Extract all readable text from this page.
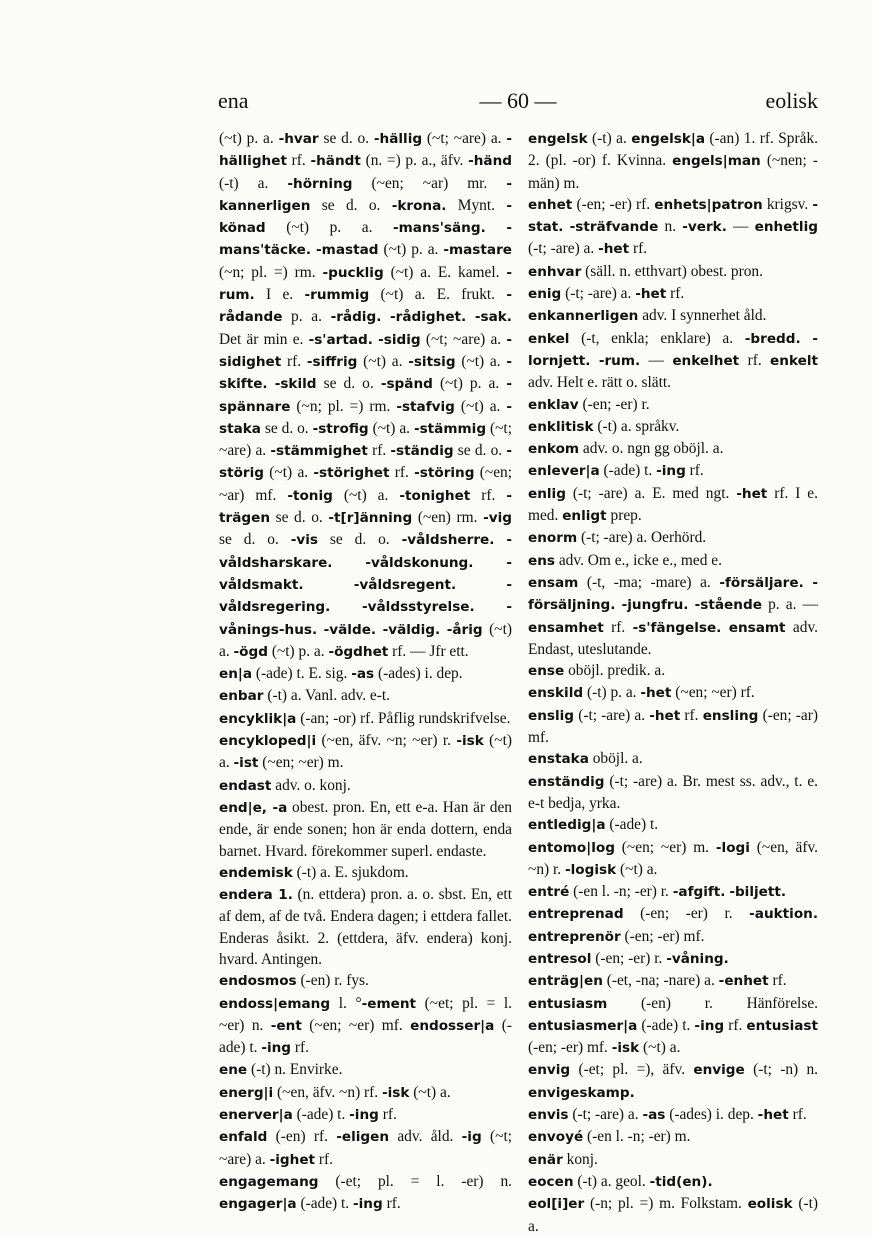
ena	— 60 —	eolisk

(~t) p. a. -hvar se d. o. -hällig (~t; ~are) a. -hällighet rf. -händt (n. =) p. a., äfv. -händ (-t) a. -hörning (~en; ~ar) mr. -kannerligen se d. o. -krona. Mynt. -könad (~t) p. a. -mans'säng. -mans'täcke. -mastad (~t) p. a. -mastare (~n; pl. =) rm. -pucklig (~t) a. E. kamel. -rum. I e. -rummig (~t) a. E. frukt. -rådande p. a. -rådig. -rådighet. -sak. Det är min e. -s'artad. -sidig (~t; ~are) a. -sidighet rf. -siffrig (~t) a. -sitsig (~t) a. -skifte. -skild se d. o. -spänd (~t) p. a. -spännare (~n; pl. =) rm. -stafvig (~t) a. -staka se d. o. -strofig (~t) a. -stämmig (~t; ~are) a. -stämmighet rf. -ständig se d. o. -störig (~t) a. -störighet rf. -störing (~en; ~ar) mf. -tonig (~t) a. -tonighet rf. -trägen se d. o. -t[r]änning (~en) rm. -vig se d. o. -vis se d. o. -våldsherre. -våldsharskare. -våldskonung. -våldsmakt.	-våldsregent.	-våldsregering. -våldsstyrelse. -vånings-hus. -välde. -väldig. -årig (~t) a. -ögd (~t) p. a. -ögdhet rf. — Jfr ett.

en|a (-ade) t. E. sig. -as (-ades) i. dep.

enbar (-t) a. Vanl. adv. e-t.

encyklik|a (-an; -or) rf. Påflig rundskrifvelse.

encykloped|i (~en, äfv. ~n; ~er) r. -isk (~t) a. -ist (~en; ~er) m.

endast adv. o. konj.

end|e, -a obest. pron. En, ett e-a. Han är den ende, är ende sonen; hon är enda dottern, enda barnet. Hvard. förekommer superl. endaste.

endemisk (-t) a. E. sjukdom.

endera 1. (n. ettdera) pron. a. o. sbst. En, ett af dem, af de två. Endera dagen; i ettdera fallet. Enderas åsikt. 2. (ettdera, äfv. endera) konj. hvard. Antingen.

endosmos (-en) r. fys.

endoss|emang l. °-ement (~et; pl. = l. ~er) n. -ent (~en; ~er) mf. endosser|a (-ade) t. -ing rf.

ene (-t) n. Envirke.

energ|i (~en, äfv. ~n) rf. -isk (~t) a.

enerver|a (-ade) t. -ing rf.

enfald (-en) rf. -eligen adv. åld. -ig (~t; ~are) a. -ighet rf.

engagemang (-et; pl. = l. -er) n. engager|a (-ade) t. -ing rf.

engelsk (-t) a. engelsk|a (-an) 1. rf. Språk. 2. (pl. -or) f. Kvinna. engels|man (~nen; -män) m.

enhet (-en; -er) rf. enhets|patron krigsv. -stat. -sträfvande n. -verk. — enhetlig (-t; -are) a. -het rf.

enhvar (säll. n. etthvart) obest. pron.

enig (-t; -are) a. -het rf.

enkannerligen adv. I synnerhet åld.

enkel (-t, enkla; enklare) a. -bredd. -lornjett. -rum. — enkelhet rf. enkelt adv. Helt e. rätt o. slätt.

enklav (-en; -er) r.

enklitisk (-t) a. språkv.

enkom adv. o. ngn gg oböjl. a.

enlever|a (-ade) t. -ing rf.

enlig (-t; -are) a. E. med ngt. -het rf. I e. med. enligt prep.

enorm (-t; -are) a. Oerhörd.

ens adv. Om e., icke e., med e.

ensam (-t, -ma; -mare) a. -försäljare. -försäljning. -jungfru. -stående p. a. — ensamhet rf. -s'fängelse. ensamt adv. Endast, uteslutande.

ense oböjl. predik. a.

enskild (-t) p. a. -het (~en; ~er) rf.

enslig (-t; -are) a. -het rf. ensling (-en; -ar) mf.

enstaka oböjl. a.

enständig (-t; -are) a. Br. mest ss. adv., t. e. e-t bedja, yrka.

entledig|a (-ade) t.

entomo|log (~en; ~er) m. -logi (~en, äfv. ~n) r. -logisk (~t) a.

entré (-en l. -n; -er) r. -afgift. -biljett.

entreprenad (-en; -er) r. -auktion. entreprenör (-en; -er) mf.

entresol (-en; -er) r. -våning.

enträg|en (-et, -na; -nare) a. -enhet rf.

entusiasm (-en) r. Hänförelse. entusiasmer|a (-ade) t. -ing rf. entusiast (-en; -er) mf. -isk (~t) a.

envig (-et; pl. =), äfv. envige (-t; -n) n. envigeskamp.

envis (-t; -are) a. -as (-ades) i. dep. -het rf.

envoyé (-en l. -n; -er) m.

enär konj.

eocen (-t) a. geol. -tid(en).

eol[i]er (-n; pl. =) m. Folkstam. eolisk (-t) a.
